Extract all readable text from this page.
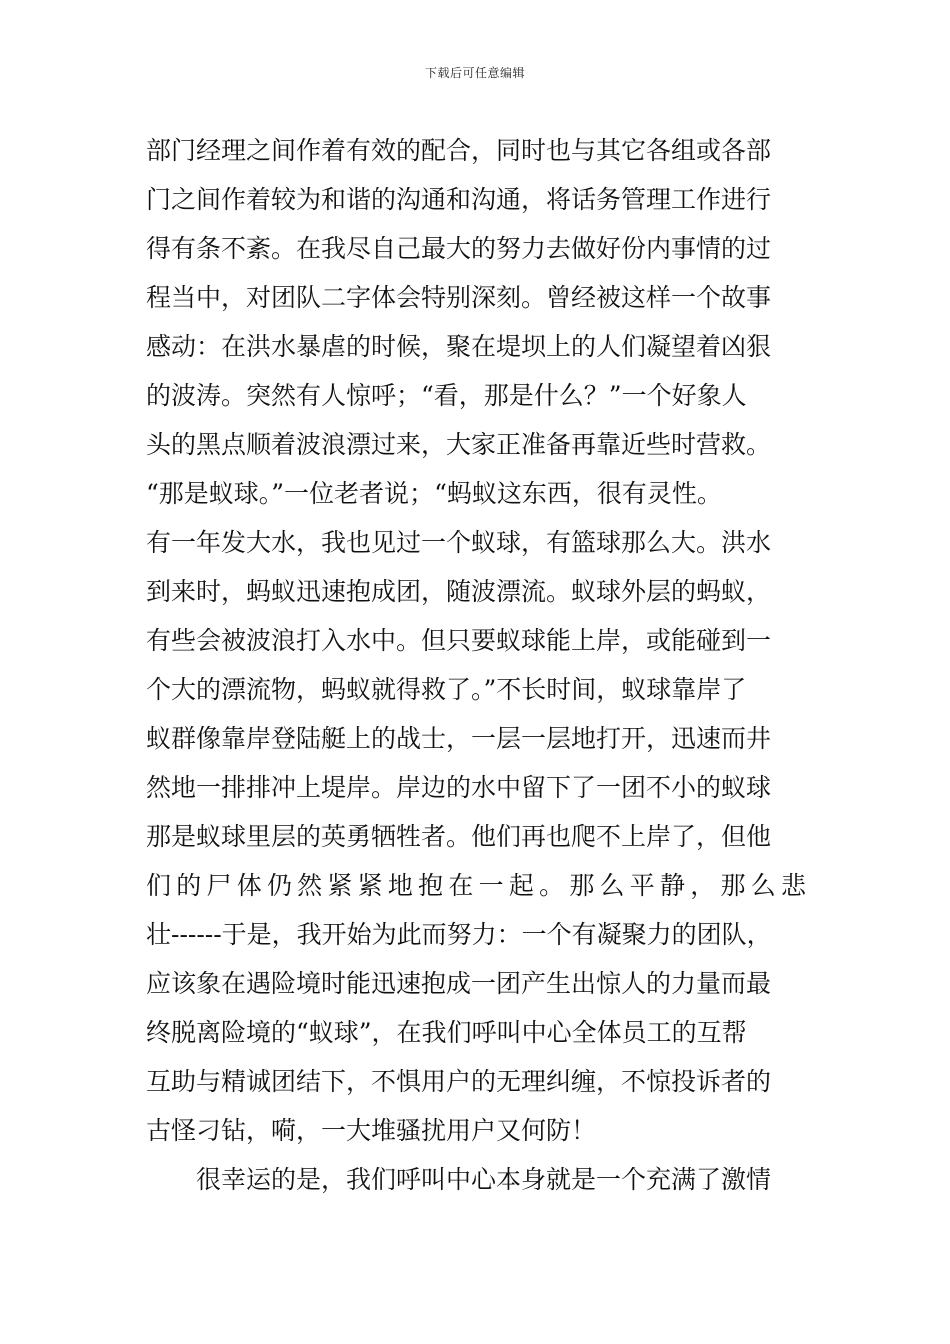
下载后可任意编辑
部门经理之间作着有效的配合，同时也与其它各组或各部
门之间作着较为和谐的沟通和沟通，将话务管理工作进行
得有条不紊。在我尽自己最大的努力去做好份内事情的过
程当中，对团队二字体会特别深刻。曾经被这样一个故事
感动：在洪水暴虐的时候，聚在堤坝上的人们凝望着凶狠
的波涛。突然有人惊呼；“看，那是什么？”一个好象人
头的黑点顺着波浪漂过来，大家正准备再靠近些时营救。
“那是蚁球。”一位老者说；“蚂蚁这东西，很有灵性。
有一年发大水，我也见过一个蚁球，有篮球那么大。洪水
到来时，蚂蚁迅速抱成团，随波漂流。蚁球外层的蚂蚁，
有些会被波浪打入水中。但只要蚁球能上岸，或能碰到一
个大的漂流物，蚂蚁就得救了。”不长时间，蚁球靠岸了
蚁群像靠岸登陆艇上的战士，一层一层地打开，迅速而井
然地一排排冲上堤岸。岸边的水中留下了一团不小的蚁球
那是蚁球里层的英勇牺牲者。他们再也爬不上岸了，但他
们的尸体仍然紧紧地抱在一起。那么平静，那么悲
壮------于是，我开始为此而努力：一个有凝聚力的团队，
应该象在遇险境时能迅速抱成一团产生出惊人的力量而最
终脱离险境的“蚁球”，在我们呼叫中心全体员工的互帮
互助与精诚团结下，不惧用户的无理纠缠，不惊投诉者的
古怪刁钻，嗬，一大堆骚扰用户又何防！
很幸运的是，我们呼叫中心本身就是一个充满了激情
